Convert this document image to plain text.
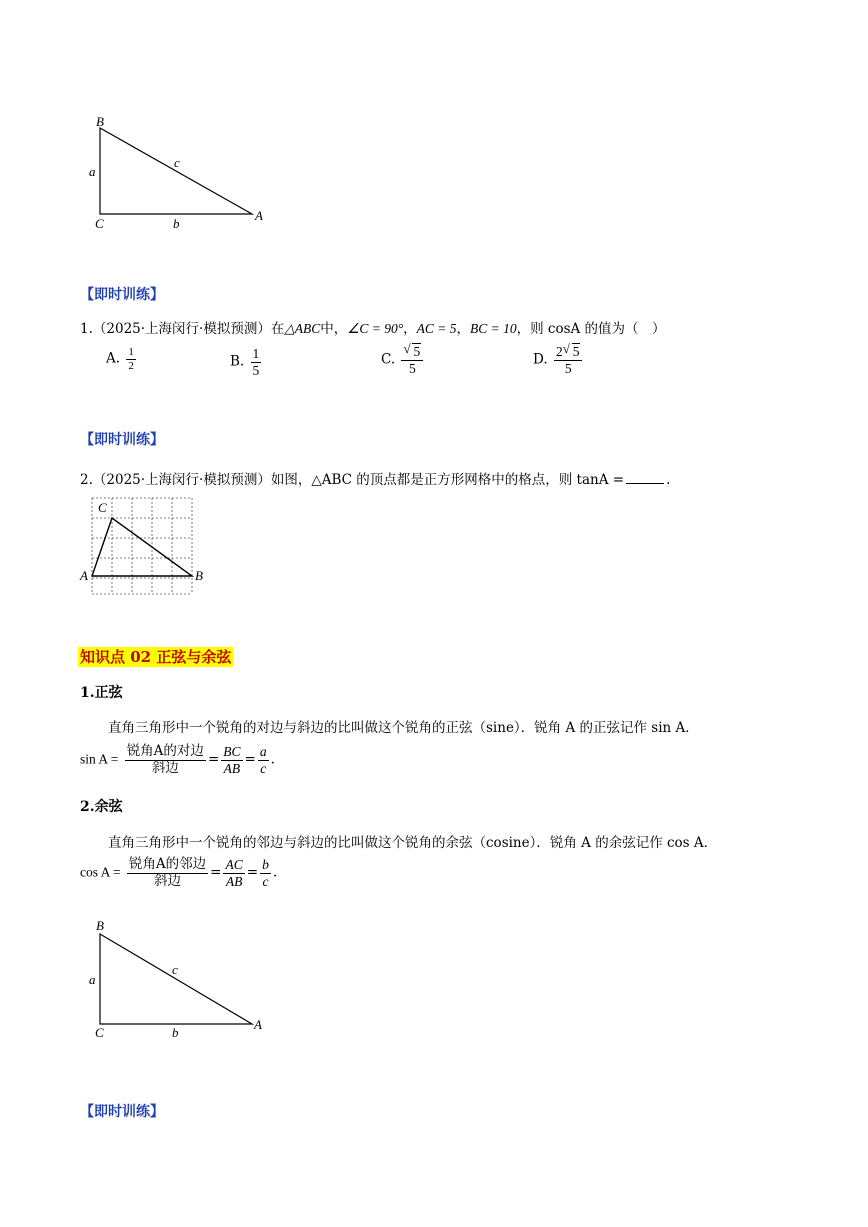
B
a
c
C	b
A
【即时训练】
1.（2025·上海闵行·模拟预测）在△ABC中，∠C = 90°，AC = 5，BC = 10，则 cosA 的值为（　）
A. $\frac{1}{2}$	B. $\frac{1}{5}$	C. √ $\frac{5}{5}$	D. $\frac{2 √ 5}{5}$
【即时训练】
2.（2025·上海闵行·模拟预测）如图，△ABC 的顶点都是正方形网格中的格点，则 tanA =	.
C
A	B
知识点 02 正弦与余弦
1.正弦
直角三角形中一个锐角的对边与斜边的比叫做这个锐角的正弦（sine）．锐角 A 的正弦记作 sin A．
$\sin A = \frac{\text{锐角A的对边}}{\text{斜边}} = \frac{BC}{AB} = \frac{a}{c}$ .
2.余弦
直角三角形中一个锐角的邻边与斜边的比叫做这个锐角的余弦（cosine）．锐角 A 的余弦记作 cos A．
$\cos A = \frac{\text{锐角A的邻边}}{\text{斜边}} = \frac{AC}{AB} = \frac{b}{c}$ .
B
a
c
C	b
A
【即时训练】
